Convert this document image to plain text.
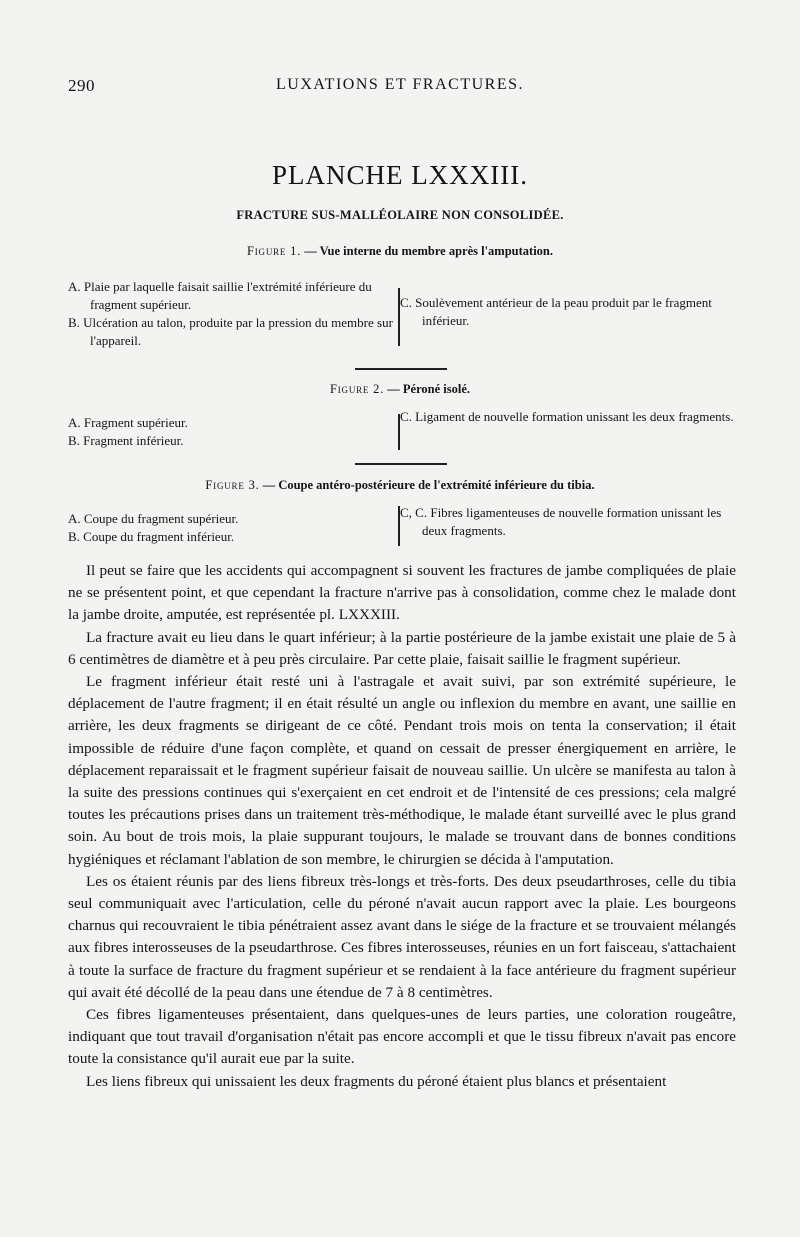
290	LUXATIONS ET FRACTURES.
PLANCHE LXXXIII.
FRACTURE SUS-MALLÉOLAIRE NON CONSOLIDÉE.
Figure 1. — Vue interne du membre après l'amputation.

A. Plaie par laquelle faisait saillie l'extrémité inférieure du fragment supérieur.

B. Ulcération au talon, produite par la pression du membre sur l'appareil.

C. Soulèvement antérieur de la peau produit par le fragment inférieur.

Figure 2. — Péroné isolé.

A. Fragment supérieur.

B. Fragment inférieur.

C. Ligament de nouvelle formation unissant les deux fragments.

Figure 3. — Coupe antéro-postérieure de l'extrémité inférieure du tibia.

A. Coupe du fragment supérieur.

B. Coupe du fragment inférieur.

C, C. Fibres ligamenteuses de nouvelle formation unissant les deux fragments.

Il peut se faire que les accidents qui accompagnent si souvent les fractures de jambe compliquées de plaie ne se présentent point, et que cependant la fracture n'arrive pas à consolidation, comme chez le malade dont la jambe droite, amputée, est représentée pl. LXXXIII.

La fracture avait eu lieu dans le quart inférieur; à la partie postérieure de la jambe existait une plaie de 5 à 6 centimètres de diamètre et à peu près circulaire. Par cette plaie, faisait saillie le fragment supérieur.

Le fragment inférieur était resté uni à l'astragale et avait suivi, par son extrémité supérieure, le déplacement de l'autre fragment; il en était résulté un angle ou inflexion du membre en avant, une saillie en arrière, les deux fragments se dirigeant de ce côté. Pendant trois mois on tenta la conservation; il était impossible de réduire d'une façon complète, et quand on cessait de presser énergiquement en arrière, le déplacement reparaissait et le fragment supérieur faisait de nouveau saillie. Un ulcère se manifesta au talon à la suite des pressions continues qui s'exerçaient en cet endroit et de l'intensité de ces pressions; cela malgré toutes les précautions prises dans un traitement très-méthodique, le malade étant surveillé avec le plus grand soin. Au bout de trois mois, la plaie suppurant toujours, le malade se trouvant dans de bonnes conditions hygiéniques et réclamant l'ablation de son membre, le chirurgien se décida à l'amputation.

Les os étaient réunis par des liens fibreux très-longs et très-forts. Des deux pseudarthroses, celle du tibia seul communiquait avec l'articulation, celle du péroné n'avait aucun rapport avec la plaie. Les bourgeons charnus qui recouvraient le tibia pénétraient assez avant dans le siége de la fracture et se trouvaient mélangés aux fibres interosseuses de la pseudarthrose. Ces fibres interosseuses, réunies en un fort faisceau, s'attachaient à toute la surface de fracture du fragment supérieur et se rendaient à la face antérieure du fragment supérieur qui avait été décollé de la peau dans une étendue de 7 à 8 centimètres.

Ces fibres ligamenteuses présentaient, dans quelques-unes de leurs parties, une coloration rougeâtre, indiquant que tout travail d'organisation n'était pas encore accompli et que le tissu fibreux n'avait pas encore toute la consistance qu'il aurait eue par la suite.

Les liens fibreux qui unissaient les deux fragments du péroné étaient plus blancs et présentaient
